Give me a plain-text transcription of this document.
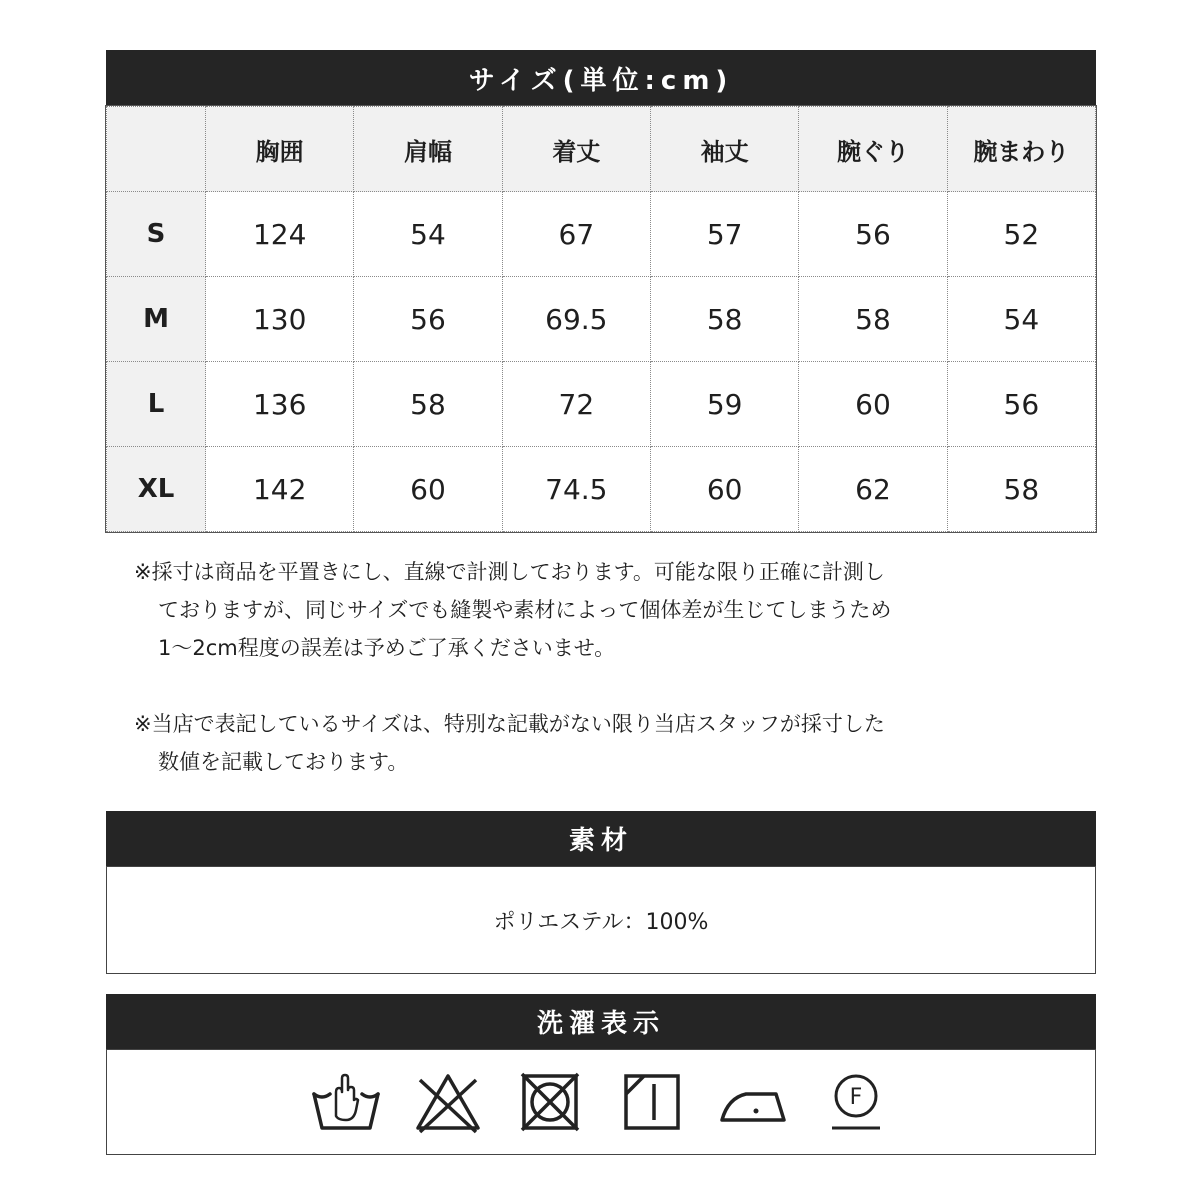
サイズ(単位:cm)
	胸囲	肩幅	着丈	袖丈	腕ぐり	腕まわり
S	124	54	67	57	56	52
M	130	56	69.5	58	58	54
L	136	58	72	59	60	56
XL	142	60	74.5	60	62	58

※採寸は商品を平置きにし、直線で計測しております。可能な限り正確に計測し

ておりますが、同じサイズでも縫製や素材によって個体差が生じてしまうため

1〜2cm程度の誤差は予めご了承くださいませ。

※当店で表記しているサイズは、特別な記載がない限り当店スタッフが採寸した

数値を記載しております。

素材
ポリエステル：100%
洗濯表示
F
